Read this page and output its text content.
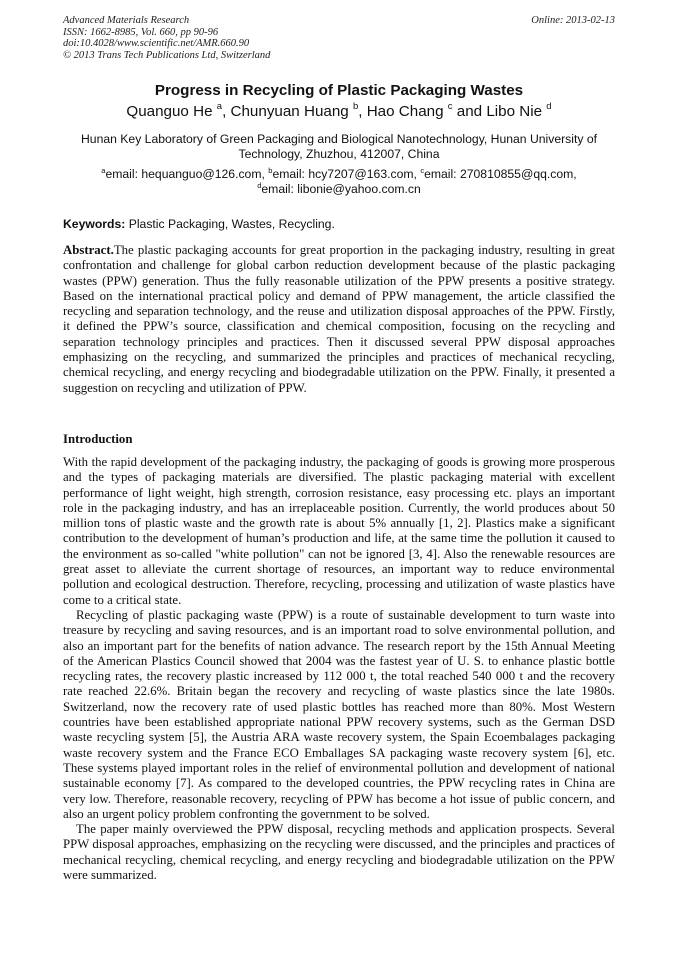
Advanced Materials Research
ISSN: 1662-8985, Vol. 660, pp 90-96
doi:10.4028/www.scientific.net/AMR.660.90
© 2013 Trans Tech Publications Ltd, Switzerland
Online: 2013-02-13
Progress in Recycling of Plastic Packaging Wastes
Quanguo He $^a$, Chunyuan Huang $^b$, Hao Chang $^c$ and Libo Nie $^d$
Hunan Key Laboratory of Green Packaging and Biological Nanotechnology, Hunan University of Technology, Zhuzhou, 412007, China
$^a$email: hequanguo@126.com, $^b$email: hcy7207@163.com, $^c$email: 270810855@qq.com,
$^d$email: libonie@yahoo.com.cn
Keywords: Plastic Packaging, Wastes, Recycling.
Abstract.The plastic packaging accounts for great proportion in the packaging industry, resulting in great confrontation and challenge for global carbon reduction development because of the plastic packaging wastes (PPW) generation. Thus the fully reasonable utilization of the PPW presents a positive strategy. Based on the international practical policy and demand of PPW management, the article classified the recycling and separation technology, and the reuse and utilization disposal approaches of the PPW. Firstly, it defined the PPW’s source, classification and chemical composition, focusing on the recycling and separation technology principles and practices. Then it discussed several PPW disposal approaches emphasizing on the recycling, and summarized the principles and practices of mechanical recycling, chemical recycling, and energy recycling and biodegradable utilization on the PPW. Finally, it presented a suggestion on recycling and utilization of PPW.
Introduction

With the rapid development of the packaging industry, the packaging of goods is growing more prosperous and the types of packaging materials are diversified. The plastic packaging material with excellent performance of light weight, high strength, corrosion resistance, easy processing etc. plays an important role in the packaging industry, and has an irreplaceable position. Currently, the world produces about 50 million tons of plastic waste and the growth rate is about 5% annually [1, 2]. Plastics make a significant contribution to the development of human’s production and life, at the same time the pollution it caused to the environment as so-called "white pollution" can not be ignored [3, 4]. Also the renewable resources are great asset to alleviate the current shortage of resources, an important way to reduce environmental pollution and ecological destruction. Therefore, recycling, processing and utilization of waste plastics have come to a critical state.

Recycling of plastic packaging waste (PPW) is a route of sustainable development to turn waste into treasure by recycling and saving resources, and is an important road to solve environmental pollution, and also an important part for the benefits of nation advance. The research report by the 15th Annual Meeting of the American Plastics Council showed that 2004 was the fastest year of U. S. to enhance plastic bottle recycling rates, the recovery plastic increased by 112 000 t, the total reached 540 000 t and the recovery rate reached 22.6%. Britain began the recovery and recycling of waste plastics since the late 1980s. Switzerland, now the recovery rate of used plastic bottles has reached more than 80%. Most Western countries have been established appropriate national PPW recovery systems, such as the German DSD waste recycling system [5], the Austria ARA waste recovery system, the Spain Ecoembalages packaging waste recovery system and the France ECO Emballages SA packaging waste recovery system [6], etc. These systems played important roles in the relief of environmental pollution and development of national sustainable economy [7]. As compared to the developed countries, the PPW recycling rates in China are very low. Therefore, reasonable recovery, recycling of PPW has become a hot issue of public concern, and also an urgent policy problem confronting the government to be solved.

The paper mainly overviewed the PPW disposal, recycling methods and application prospects. Several PPW disposal approaches, emphasizing on the recycling were discussed, and the principles and practices of mechanical recycling, chemical recycling, and energy recycling and biodegradable utilization on the PPW were summarized.
